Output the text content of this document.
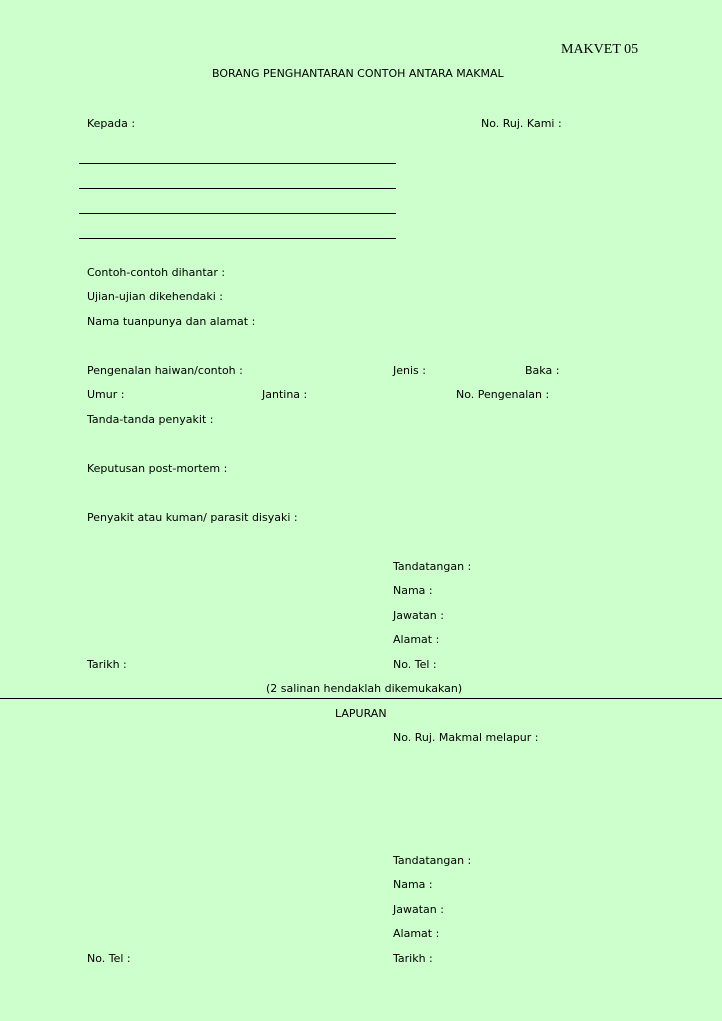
MAKVET 05
BORANG PENGHANTARAN CONTOH ANTARA MAKMAL
Kepada :	No. Ruj. Kami :
Contoh-contoh dihantar :
Ujian-ujian dikehendaki :
Nama tuanpunya dan alamat :
Pengenalan haiwan/contoh :	Jenis :	Baka :
Umur :	Jantina :	No. Pengenalan :
Tanda-tanda penyakit :
Keputusan post-mortem :
Penyakit atau kuman/ parasit disyaki :
Tandatangan :
Nama :
Jawatan :
Alamat :
Tarikh :	No. Tel :
(2 salinan hendaklah dikemukakan)
LAPURAN
No. Ruj. Makmal melapur :
Tandatangan :
Nama :
Jawatan :
Alamat :
No. Tel :	Tarikh :
